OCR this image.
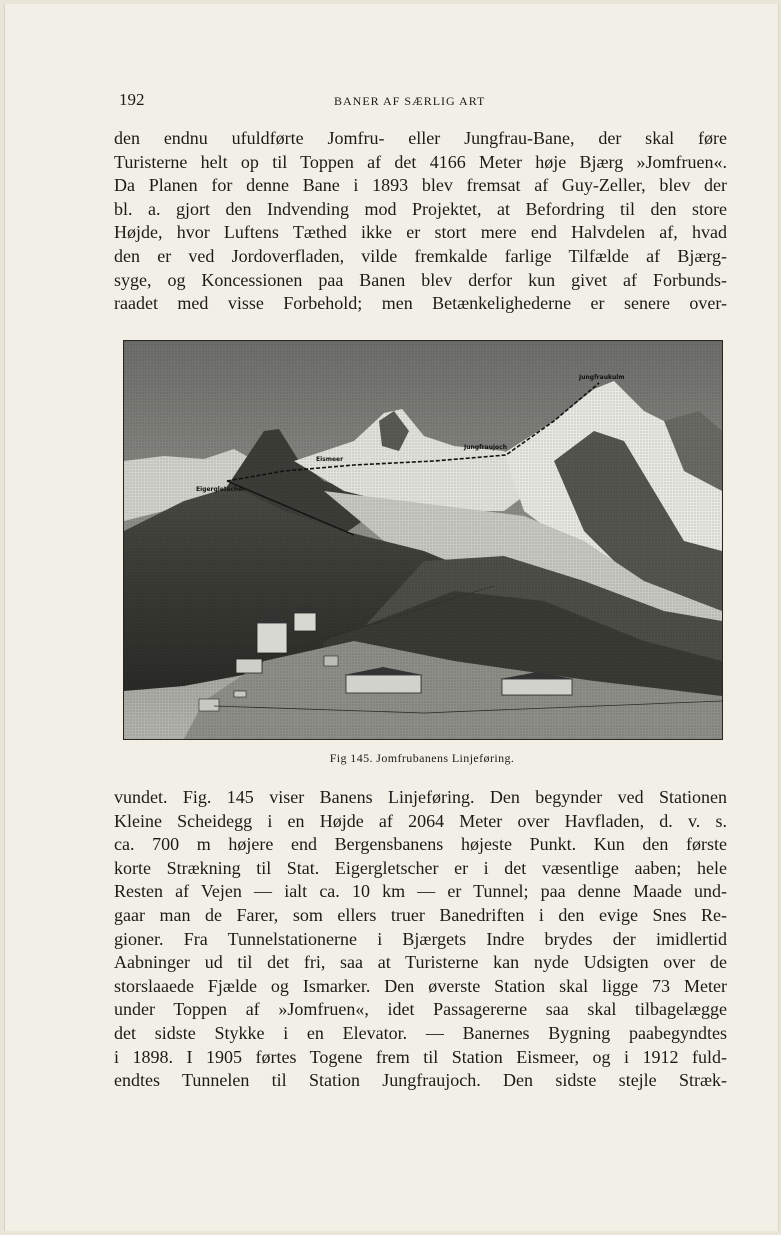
192	BANER AF SÆRLIG ART
den endnu ufuldførte Jomfru- eller Jungfrau-Bane, der skal føre
Turisterne helt op til Toppen af det 4166 Meter høje Bjærg »Jomfruen«.
Da Planen for denne Bane i 1893 blev fremsat af Guy-Zeller, blev der
bl. a. gjort den Indvending mod Projektet, at Befordring til den store
Højde, hvor Luftens Tæthed ikke er stort mere end Halvdelen af, hvad
den er ved Jordoverfladen, vilde fremkalde farlige Tilfælde af Bjærg-
syge, og Koncessionen paa Banen blev derfor kun givet af Forbunds-
raadet med visse Forbehold; men Betænkelighederne er senere over-
Jungfraukulm
Jungfraujoch
Eismeer
Eigergletscher
Fig 145. Jomfrubanens Linjeføring.
vundet. Fig. 145 viser Banens Linjeføring. Den begynder ved Stationen
Kleine Scheidegg i en Højde af 2064 Meter over Havfladen, d. v. s.
ca. 700 m højere end Bergensbanens højeste Punkt. Kun den første
korte Strækning til Stat. Eigergletscher er i det væsentlige aaben; hele
Resten af Vejen — ialt ca. 10 km — er Tunnel; paa denne Maade und-
gaar man de Farer, som ellers truer Banedriften i den evige Snes Re-
gioner. Fra Tunnelstationerne i Bjærgets Indre brydes der imidlertid
Aabninger ud til det fri, saa at Turisterne kan nyde Udsigten over de
storslaaede Fjælde og Ismarker. Den øverste Station skal ligge 73 Meter
under Toppen af »Jomfruen«, idet Passagererne saa skal tilbagelægge
det sidste Stykke i en Elevator. — Banernes Bygning paabegyndtes
i 1898. I 1905 førtes Togene frem til Station Eismeer, og i 1912 fuld-
endtes Tunnelen til Station Jungfraujoch. Den sidste stejle Stræk-
